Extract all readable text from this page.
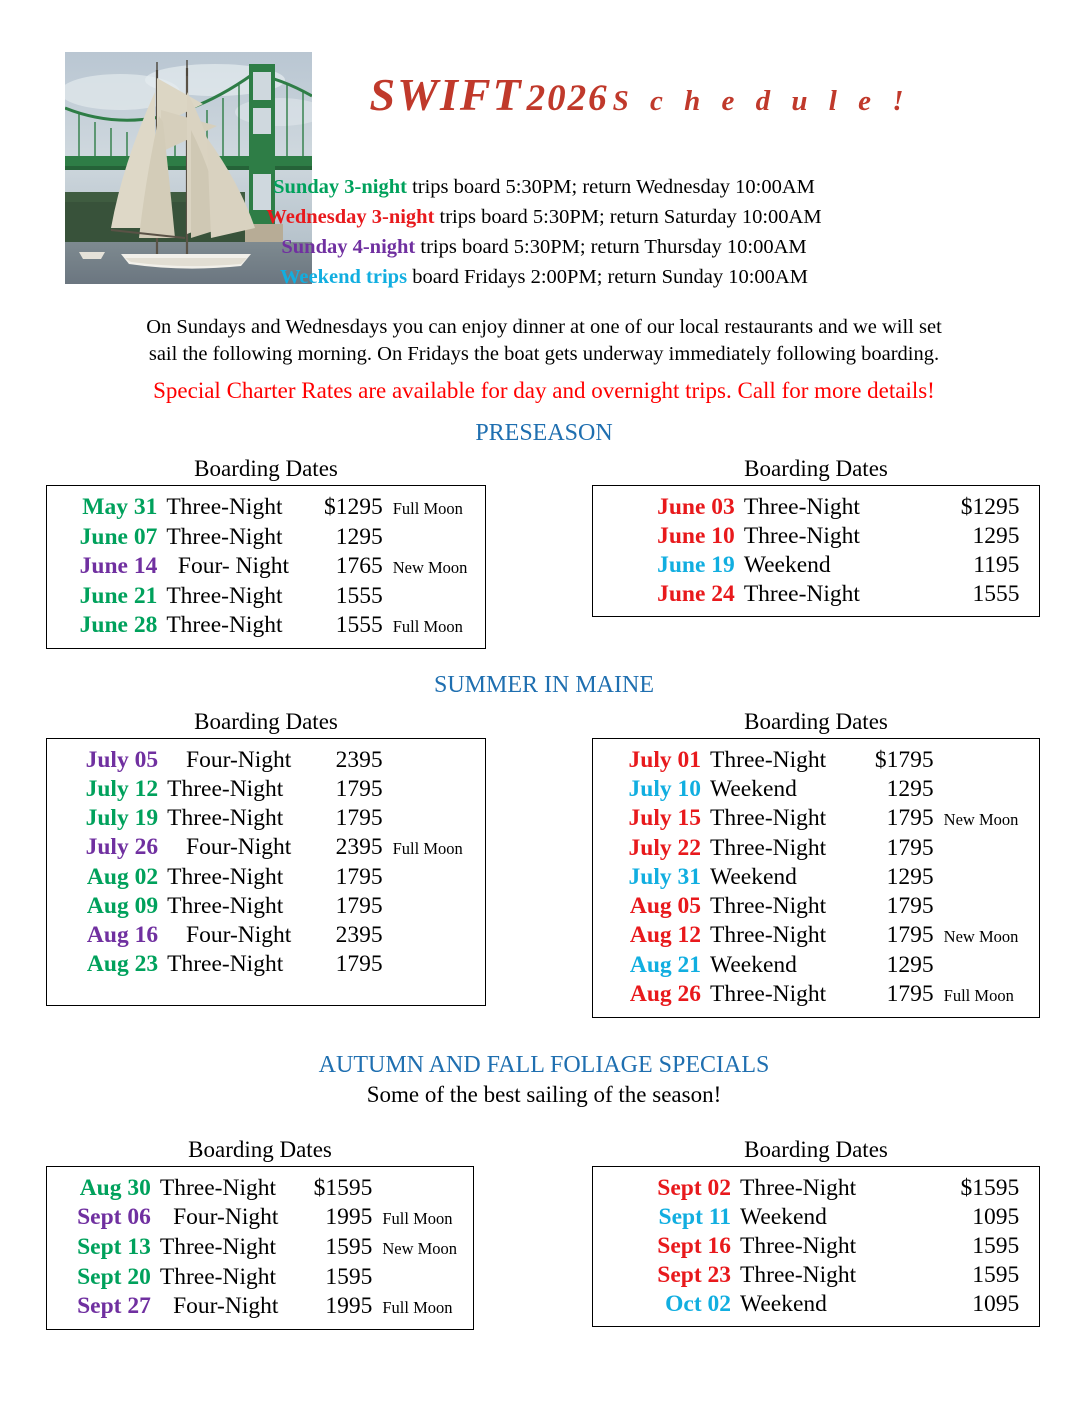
SWIFT 2026 S c h e d u l e !
Sunday 3-night trips board 5:30PM; return Wednesday 10:00AM
Wednesday 3-night trips board 5:30PM; return Saturday 10:00AM
Sunday 4-night trips board 5:30PM; return Thursday 10:00AM
Weekend trips board Fridays 2:00PM; return Sunday 10:00AM

On Sundays and Wednesdays you can enjoy dinner at one of our local restaurants and we will set

sail the following morning. On Fridays the boat gets underway immediately following boarding.

Special Charter Rates are available for day and overnight trips. Call for more details!
PRESEASON
Boarding Dates
May 31	Three-Night	$1295	Full Moon
June 07	Three-Night	1295	
June 14	Four- Night	1765	New Moon
June 21	Three-Night	1555	
June 28	Three-Night	1555	Full Moon
Boarding Dates
June 03	Three-Night	$1295	
June 10	Three-Night	1295	
June 19	Weekend	1195	
June 24	Three-Night	1555	
SUMMER IN MAINE
Boarding Dates
July 05	Four-Night	2395	
July 12	Three-Night	1795	
July 19	Three-Night	1795	
July 26	Four-Night	2395	Full Moon
Aug 02	Three-Night	1795	
Aug 09	Three-Night	1795	
Aug 16	Four-Night	2395	
Aug 23	Three-Night	1795	
Boarding Dates
July 01	Three-Night	$1795	
July 10	Weekend	1295	
July 15	Three-Night	1795	New Moon
July 22	Three-Night	1795	
July 31	Weekend	1295	
Aug 05	Three-Night	1795	
Aug 12	Three-Night	1795	New Moon
Aug 21	Weekend	1295	
Aug 26	Three-Night	1795	Full Moon
AUTUMN AND FALL FOLIAGE SPECIALS
Some of the best sailing of the season!
Boarding Dates
Aug 30	Three-Night	$1595	
Sept 06	Four-Night	1995	Full Moon
Sept 13	Three-Night	1595	New Moon
Sept 20	Three-Night	1595	
Sept 27	Four-Night	1995	Full Moon
Boarding Dates
Sept 02	Three-Night	$1595	
Sept 11	Weekend	1095	
Sept 16	Three-Night	1595	
Sept 23	Three-Night	1595	
Oct 02	Weekend	1095	
